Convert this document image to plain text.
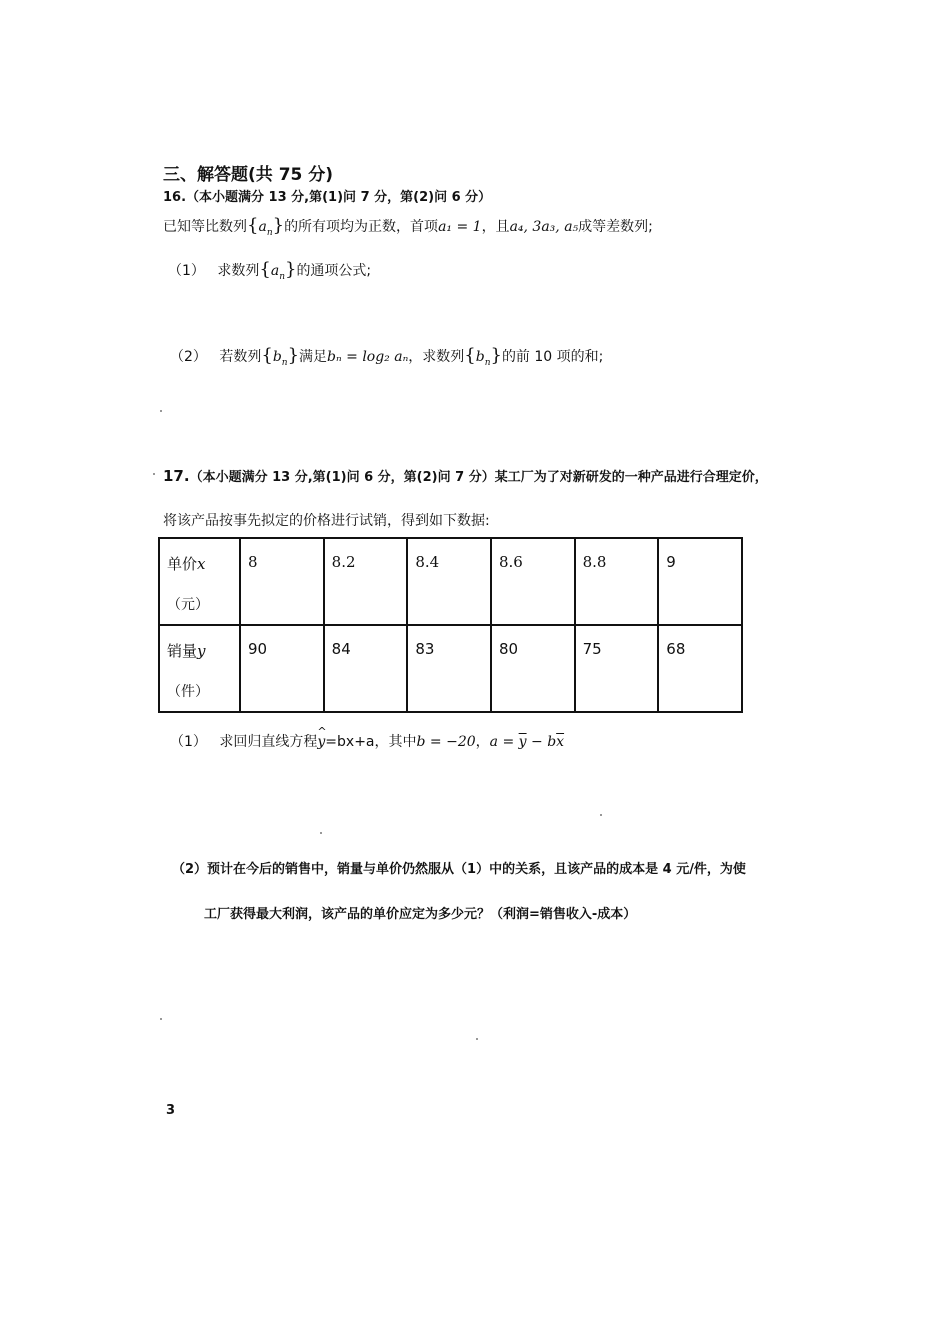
三、解答题(共 75 分)
16.（本小题满分 13 分,第(1)问 7 分，第(2)问 6 分）
已知等比数列$\{a_n\}$的所有项均为正数，首项a₁ = 1，且a₄, 3a₃, a₅成等差数列;
（1） 求数列$\{a_n\}$的通项公式;
（2） 若数列$\{b_n\}$满足bₙ = log₂ aₙ，求数列$\{b_n\}$的前 10 项的和;
17.（本小题满分 13 分,第(1)问 6 分，第(2)问 7 分）某工厂为了对新研发的一种产品进行合理定价，
将该产品按事先拟定的价格进行试销，得到如下数据:
单价x
（元）	8	8.2	8.4	8.6	8.8	9
销量y
（件）	90	84	83	80	75	68
（1） 求回归直线方程
^
y=bx+a，其中b = −20，$a = \overline{y} - b\overline{x}$
（2）预计在今后的销售中，销量与单价仍然服从（1）中的关系，且该产品的成本是 4 元/件，为使
工厂获得最大利润，该产品的单价应定为多少元？（利润=销售收入-成本）
3
